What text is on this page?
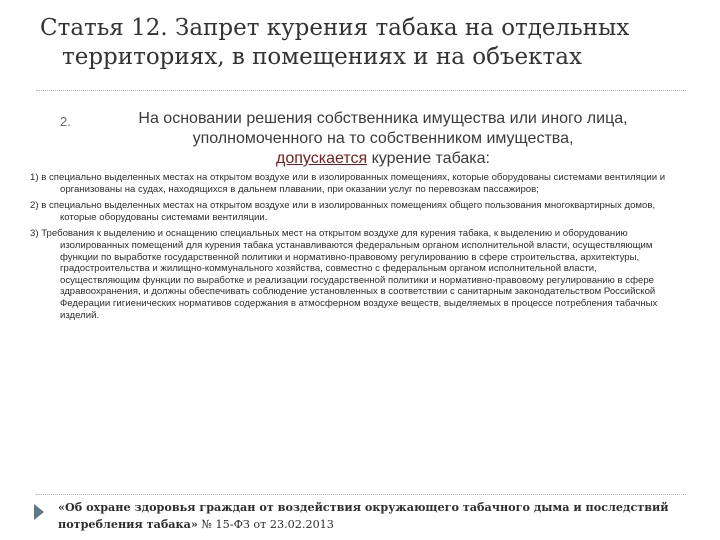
Статья 12. Запрет курения табака на отдельных
территориях, в помещениях и на объектах
2.	На основании решения собственника имущества или иного лица,
уполномоченного на то собственником имущества,
допускается курение табака:

1) в специально выделенных местах на открытом воздухе или в изолированных помещениях, которые оборудованы системами вентиляции и организованы на судах, находящихся в дальнем плавании, при оказании услуг по перевозкам пассажиров;

2) в специально выделенных местах на открытом воздухе или в изолированных помещениях общего пользования многоквартирных домов, которые оборудованы системами вентиляции.

3) Требования к выделению и оснащению специальных мест на открытом воздухе для курения табака, к выделению и оборудованию изолированных помещений для курения табака устанавливаются федеральным органом исполнительной власти, осуществляющим функции по выработке государственной политики и нормативно-правовому регулированию в сфере строительства, архитектуры, градостроительства и жилищно-коммунального хозяйства, совместно с федеральным органом исполнительной власти, осуществляющим функции по выработке и реализации государственной политики и нормативно-правовому регулированию в сфере здравоохранения, и должны обеспечивать соблюдение установленных в соответствии с санитарным законодательством Российской Федерации гигиенических нормативов содержания в атмосферном воздухе веществ, выделяемых в процессе потребления табачных изделий.

«Об охране здоровья граждан от воздействия окружающего табачного дыма и последствий потребления табака» № 15-ФЗ от 23.02.2013
